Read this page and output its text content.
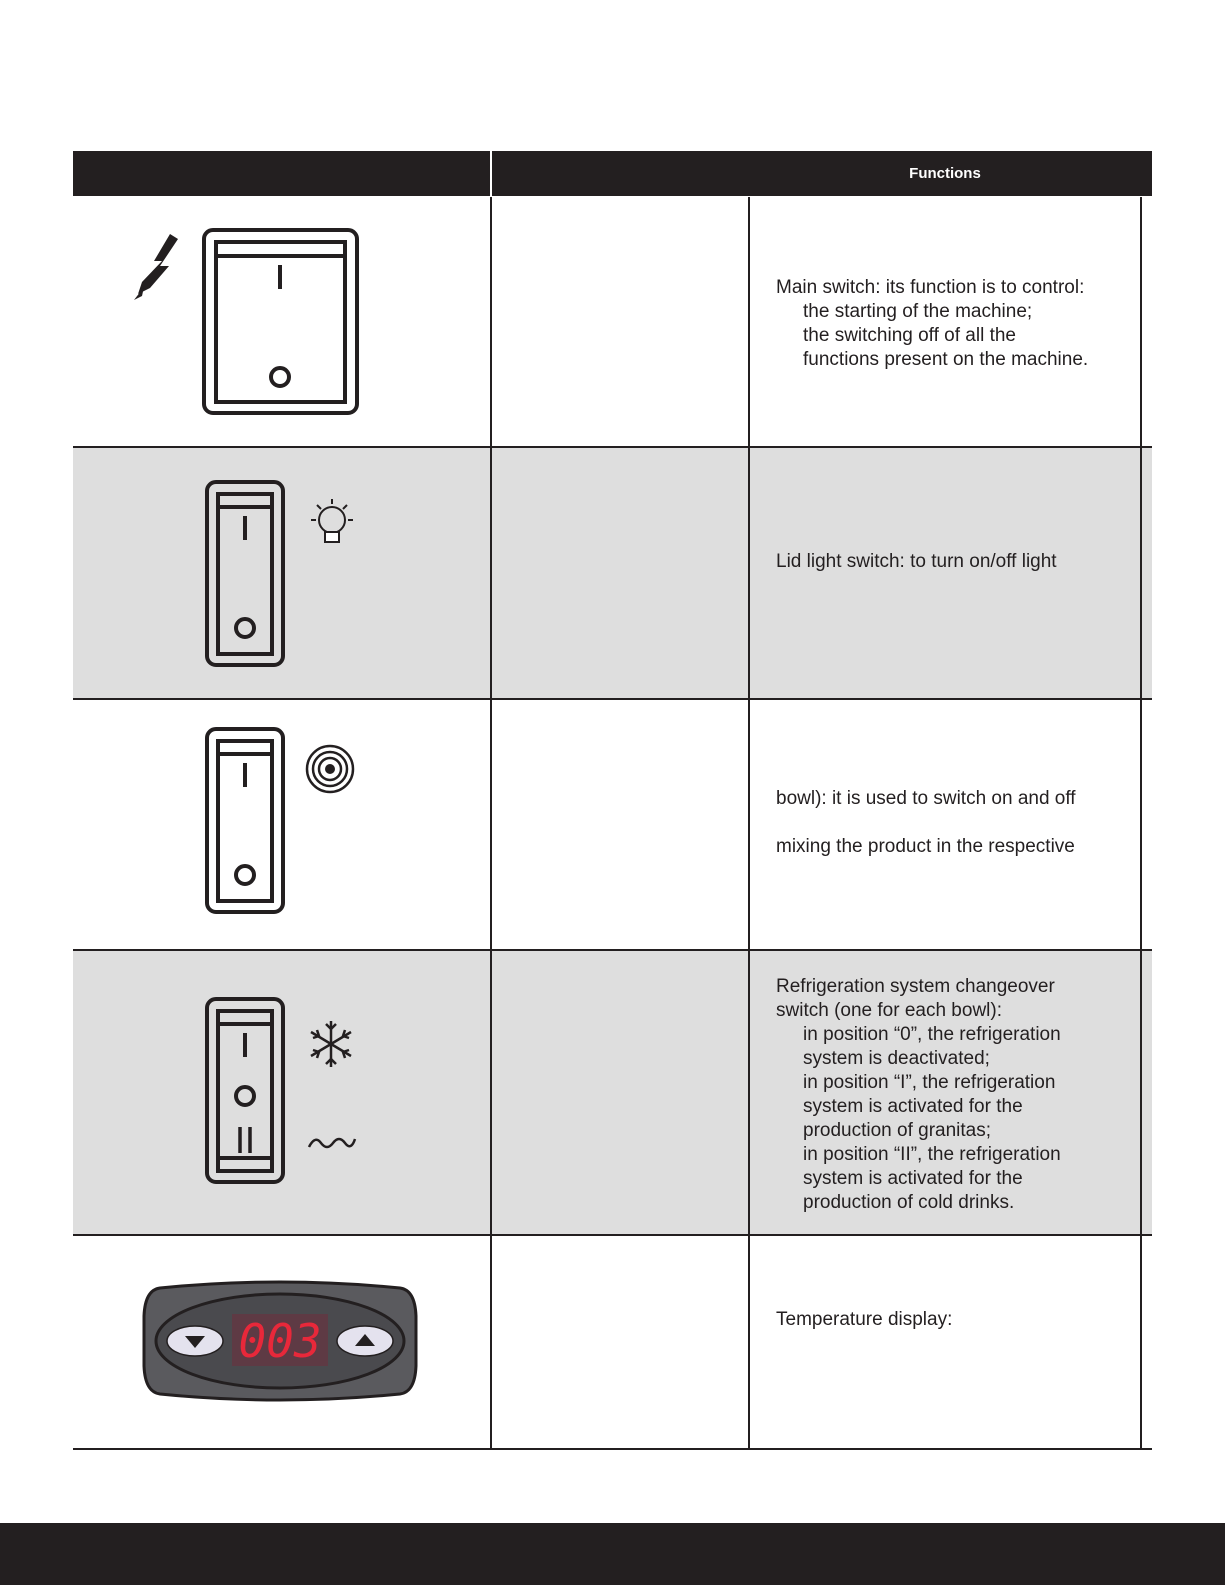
Functions
Main switch: its function is to control:
the starting of the machine;
the switching off of all the
functions present on the machine.
Lid light switch: to turn on/off light
bowl): it is used to switch on and off

mixing the product in the respective
Refrigeration system changeover
switch (one for each bowl):
in position “0”, the refrigeration
system is deactivated;
in position “I”, the refrigeration
system is activated for the
production of granitas;
in position “II”, the refrigeration
system is activated for the
production of cold drinks.
003	Temperature display:
